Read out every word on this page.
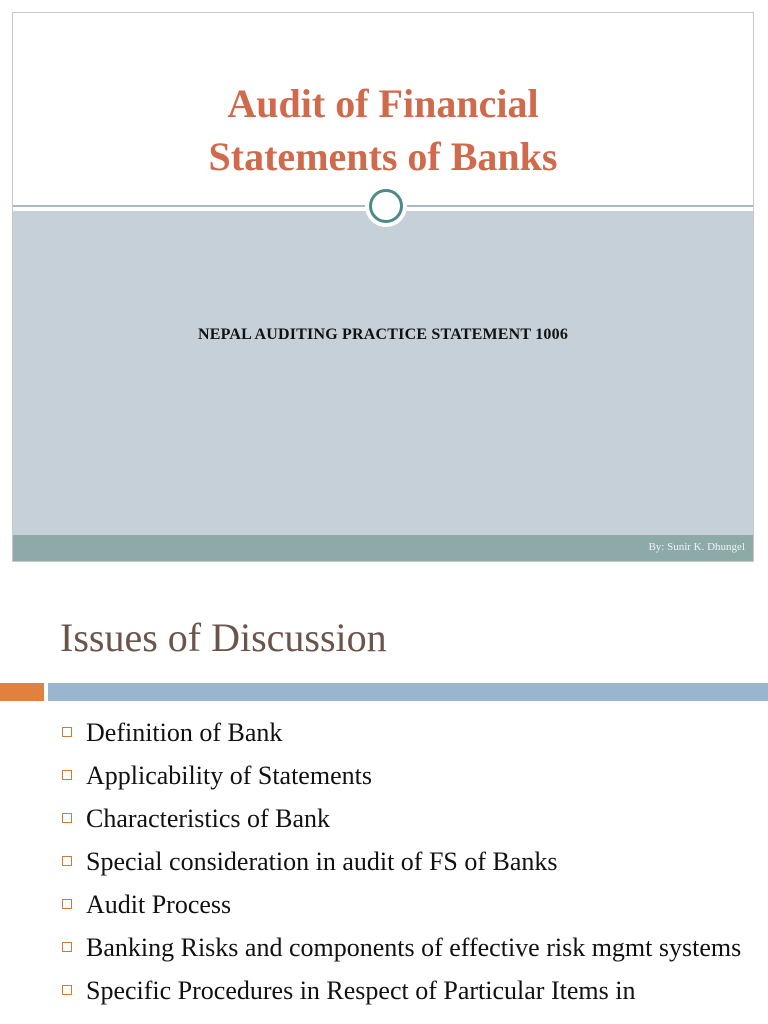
Audit of Financial
Statements of Banks
NEPAL AUDITING PRACTICE STATEMENT 1006
By: Sunir K. Dhungel
Issues of Discussion
Definition of Bank
Applicability of Statements
Characteristics of Bank
Special consideration in audit of FS of Banks
Audit Process
Banking Risks and components of effective risk mgmt systems
Specific Procedures in Respect of Particular Items in
